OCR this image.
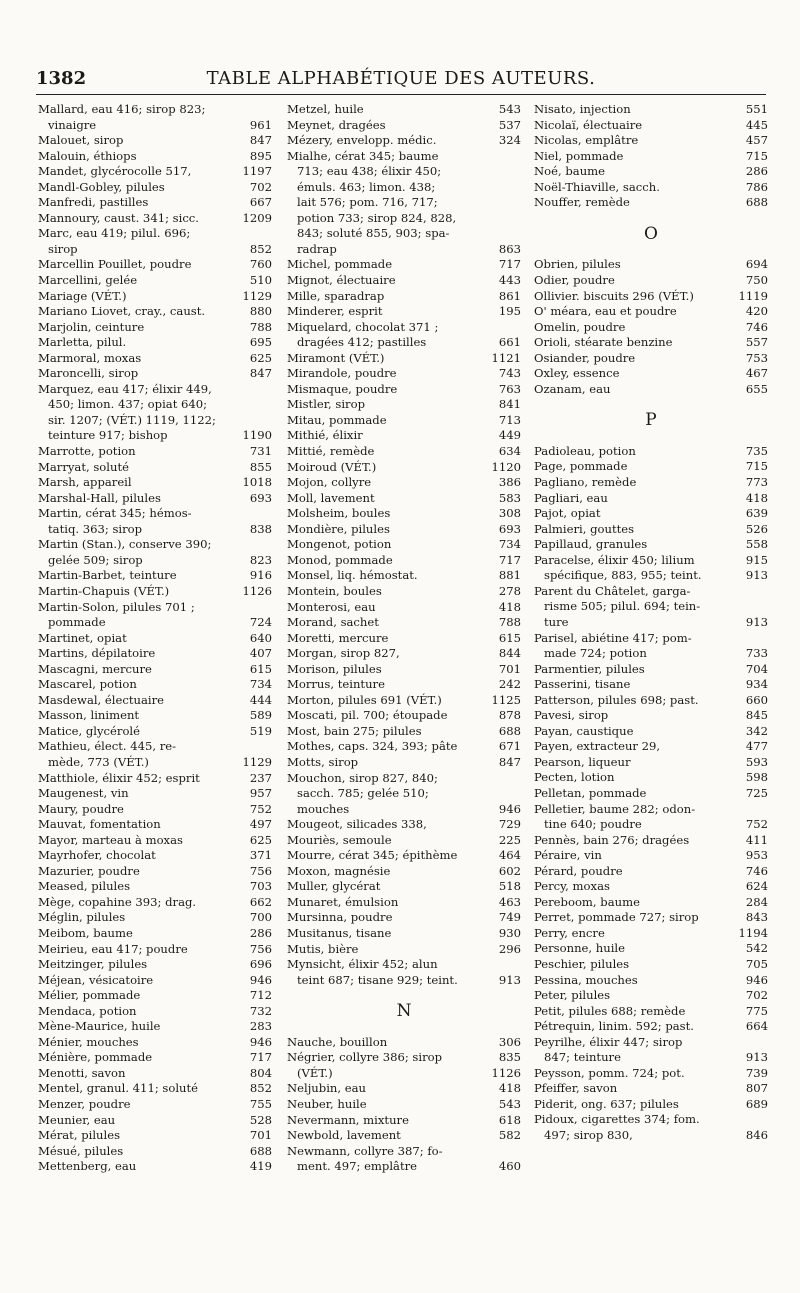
1382	TABLE ALPHABÉTIQUE DES AUTEURS.
Mallard, eau 416; sirop 823;
vinaigre	961
Malouet, sirop	847
Malouin, éthiops	895
Mandet, glycérocolle 517,	1197
Mandl-Gobley, pilules	702
Manfredi, pastilles	667
Mannoury, caust. 341; sicc.	1209
Marc, eau 419; pilul. 696;
sirop	852
Marcellin Pouillet, poudre	760
Marcellini, gelée	510
Mariage (VÉT.)	1129
Mariano Liovet, cray., caust.	880
Marjolin, ceinture	788
Marletta, pilul.	695
Marmoral, moxas	625
Maroncelli, sirop	847
Marquez, eau 417; élixir 449,
450; limon. 437; opiat 640;
sir. 1207; (VÉT.) 1119, 1122;
teinture 917; bishop	1190
Marrotte, potion	731
Marryat, soluté	855
Marsh, appareil	1018
Marshal-Hall, pilules	693
Martin, cérat 345; hémos-
tatiq. 363; sirop	838
Martin (Stan.), conserve 390;
gelée 509; sirop	823
Martin-Barbet, teinture	916
Martin-Chapuis (VÉT.)	1126
Martin-Solon, pilules 701 ;
pommade	724
Martinet, opiat	640
Martins, dépilatoire	407
Mascagni, mercure	615
Mascarel, potion	734
Masdewal, électuaire	444
Masson, liniment	589
Matice, glycérolé	519
Mathieu, élect. 445, re-
mède, 773 (VÉT.)	1129
Matthiole, élixir 452; esprit	237
Maugenest, vin	957
Maury, poudre	752
Mauvat, fomentation	497
Mayor, marteau à moxas	625
Mayrhofer, chocolat	371
Mazurier, poudre	756
Meased, pilules	703
Mège, copahine 393; drag.	662
Méglin, pilules	700
Meibom, baume	286
Meirieu, eau 417; poudre	756
Meitzinger, pilules	696
Méjean, vésicatoire	946
Mélier, pommade	712
Mendaca, potion	732
Mène-Maurice, huile	283
Ménier, mouches	946
Ménière, pommade	717
Menotti, savon	804
Mentel, granul. 411; soluté	852
Menzer, poudre	755
Meunier, eau	528
Mérat, pilules	701
Mésué, pilules	688
Mettenberg, eau	419
Metzel, huile	543
Meynet, dragées	537
Mézery, envelopp. médic.	324
Mialhe, cérat 345; baume
713; eau 438; élixir 450;
émuls. 463; limon. 438;
lait 576; pom. 716, 717;
potion 733; sirop 824, 828,
843; soluté 855, 903; spa-
radrap	863
Michel, pommade	717
Mignot, électuaire	443
Mille, sparadrap	861
Minderer, esprit	195
Miquelard, chocolat 371 ;
dragées 412; pastilles	661
Miramont (VÉT.)	1121
Mirandole, poudre	743
Mismaque, poudre	763
Mistler, sirop	841
Mitau, pommade	713
Mithié, élixir	449
Mittié, remède	634
Moiroud (VÉT.)	1120
Mojon, collyre	386
Moll, lavement	583
Molsheim, boules	308
Mondière, pilules	693
Mongenot, potion	734
Monod, pommade	717
Monsel, liq. hémostat.	881
Montein, boules	278
Monterosi, eau	418
Morand, sachet	788
Moretti, mercure	615
Morgan, sirop 827,	844
Morison, pilules	701
Morrus, teinture	242
Morton, pilules 691 (VÉT.)	1125
Moscati, pil. 700; étoupade	878
Most, bain 275; pilules	688
Mothes, caps. 324, 393; pâte	671
Motts, sirop	847
Mouchon, sirop 827, 840;
sacch. 785; gelée 510;
mouches	946
Mougeot, silicades 338,	729
Mouriès, semoule	225
Mourre, cérat 345; épithème	464
Moxon, magnésie	602
Muller, glycérat	518
Munaret, émulsion	463
Mursinna, poudre	749
Musitanus, tisane	930
Mutis, bière	296
Mynsicht, élixir 452; alun
teint 687; tisane 929; teint.	913
N
Nauche, bouillon	306
Négrier, collyre 386; sirop	835
(VÉT.)	1126
Neljubin, eau	418
Neuber, huile	543
Nevermann, mixture	618
Newbold, lavement	582
Newmann, collyre 387; fo-
ment. 497; emplâtre	460
Nisato, injection	551
Nicolaï, électuaire	445
Nicolas, emplâtre	457
Niel, pommade	715
Noé, baume	286
Noël-Thiaville, sacch.	786
Nouffer, remède	688
O
Obrien, pilules	694
Odier, poudre	750
Ollivier. biscuits 296 (VÉT.)	1119
O' méara, eau et poudre	420
Omelin, poudre	746
Orioli, stéarate benzine	557
Osiander, poudre	753
Oxley, essence	467
Ozanam, eau	655
P
Padioleau, potion	735
Page, pommade	715
Pagliano, remède	773
Pagliari, eau	418
Pajot, opiat	639
Palmieri, gouttes	526
Papillaud, granules	558
Paracelse, élixir 450; lilium	915
spécifique, 883, 955; teint.	913
Parent du Châtelet, garga-
risme 505; pilul. 694; tein-
ture	913
Parisel, abiétine 417; pom-
made 724; potion	733
Parmentier, pilules	704
Passerini, tisane	934
Patterson, pilules 698; past.	660
Pavesi, sirop	845
Payan, caustique	342
Payen, extracteur 29,	477
Pearson, liqueur	593
Pecten, lotion	598
Pelletan, pommade	725
Pelletier, baume 282; odon-
tine 640; poudre	752
Pennès, bain 276; dragées	411
Péraire, vin	953
Pérard, poudre	746
Percy, moxas	624
Pereboom, baume	284
Perret, pommade 727; sirop	843
Perry, encre	1194
Personne, huile	542
Peschier, pilules	705
Pessina, mouches	946
Peter, pilules	702
Petit, pilules 688; remède	775
Pétrequin, linim. 592; past.	664
Peyrilhe, élixir 447; sirop
847; teinture	913
Peysson, pomm. 724; pot.	739
Pfeiffer, savon	807
Piderit, ong. 637; pilules	689
Pidoux, cigarettes 374; fom.
497; sirop 830,	846
